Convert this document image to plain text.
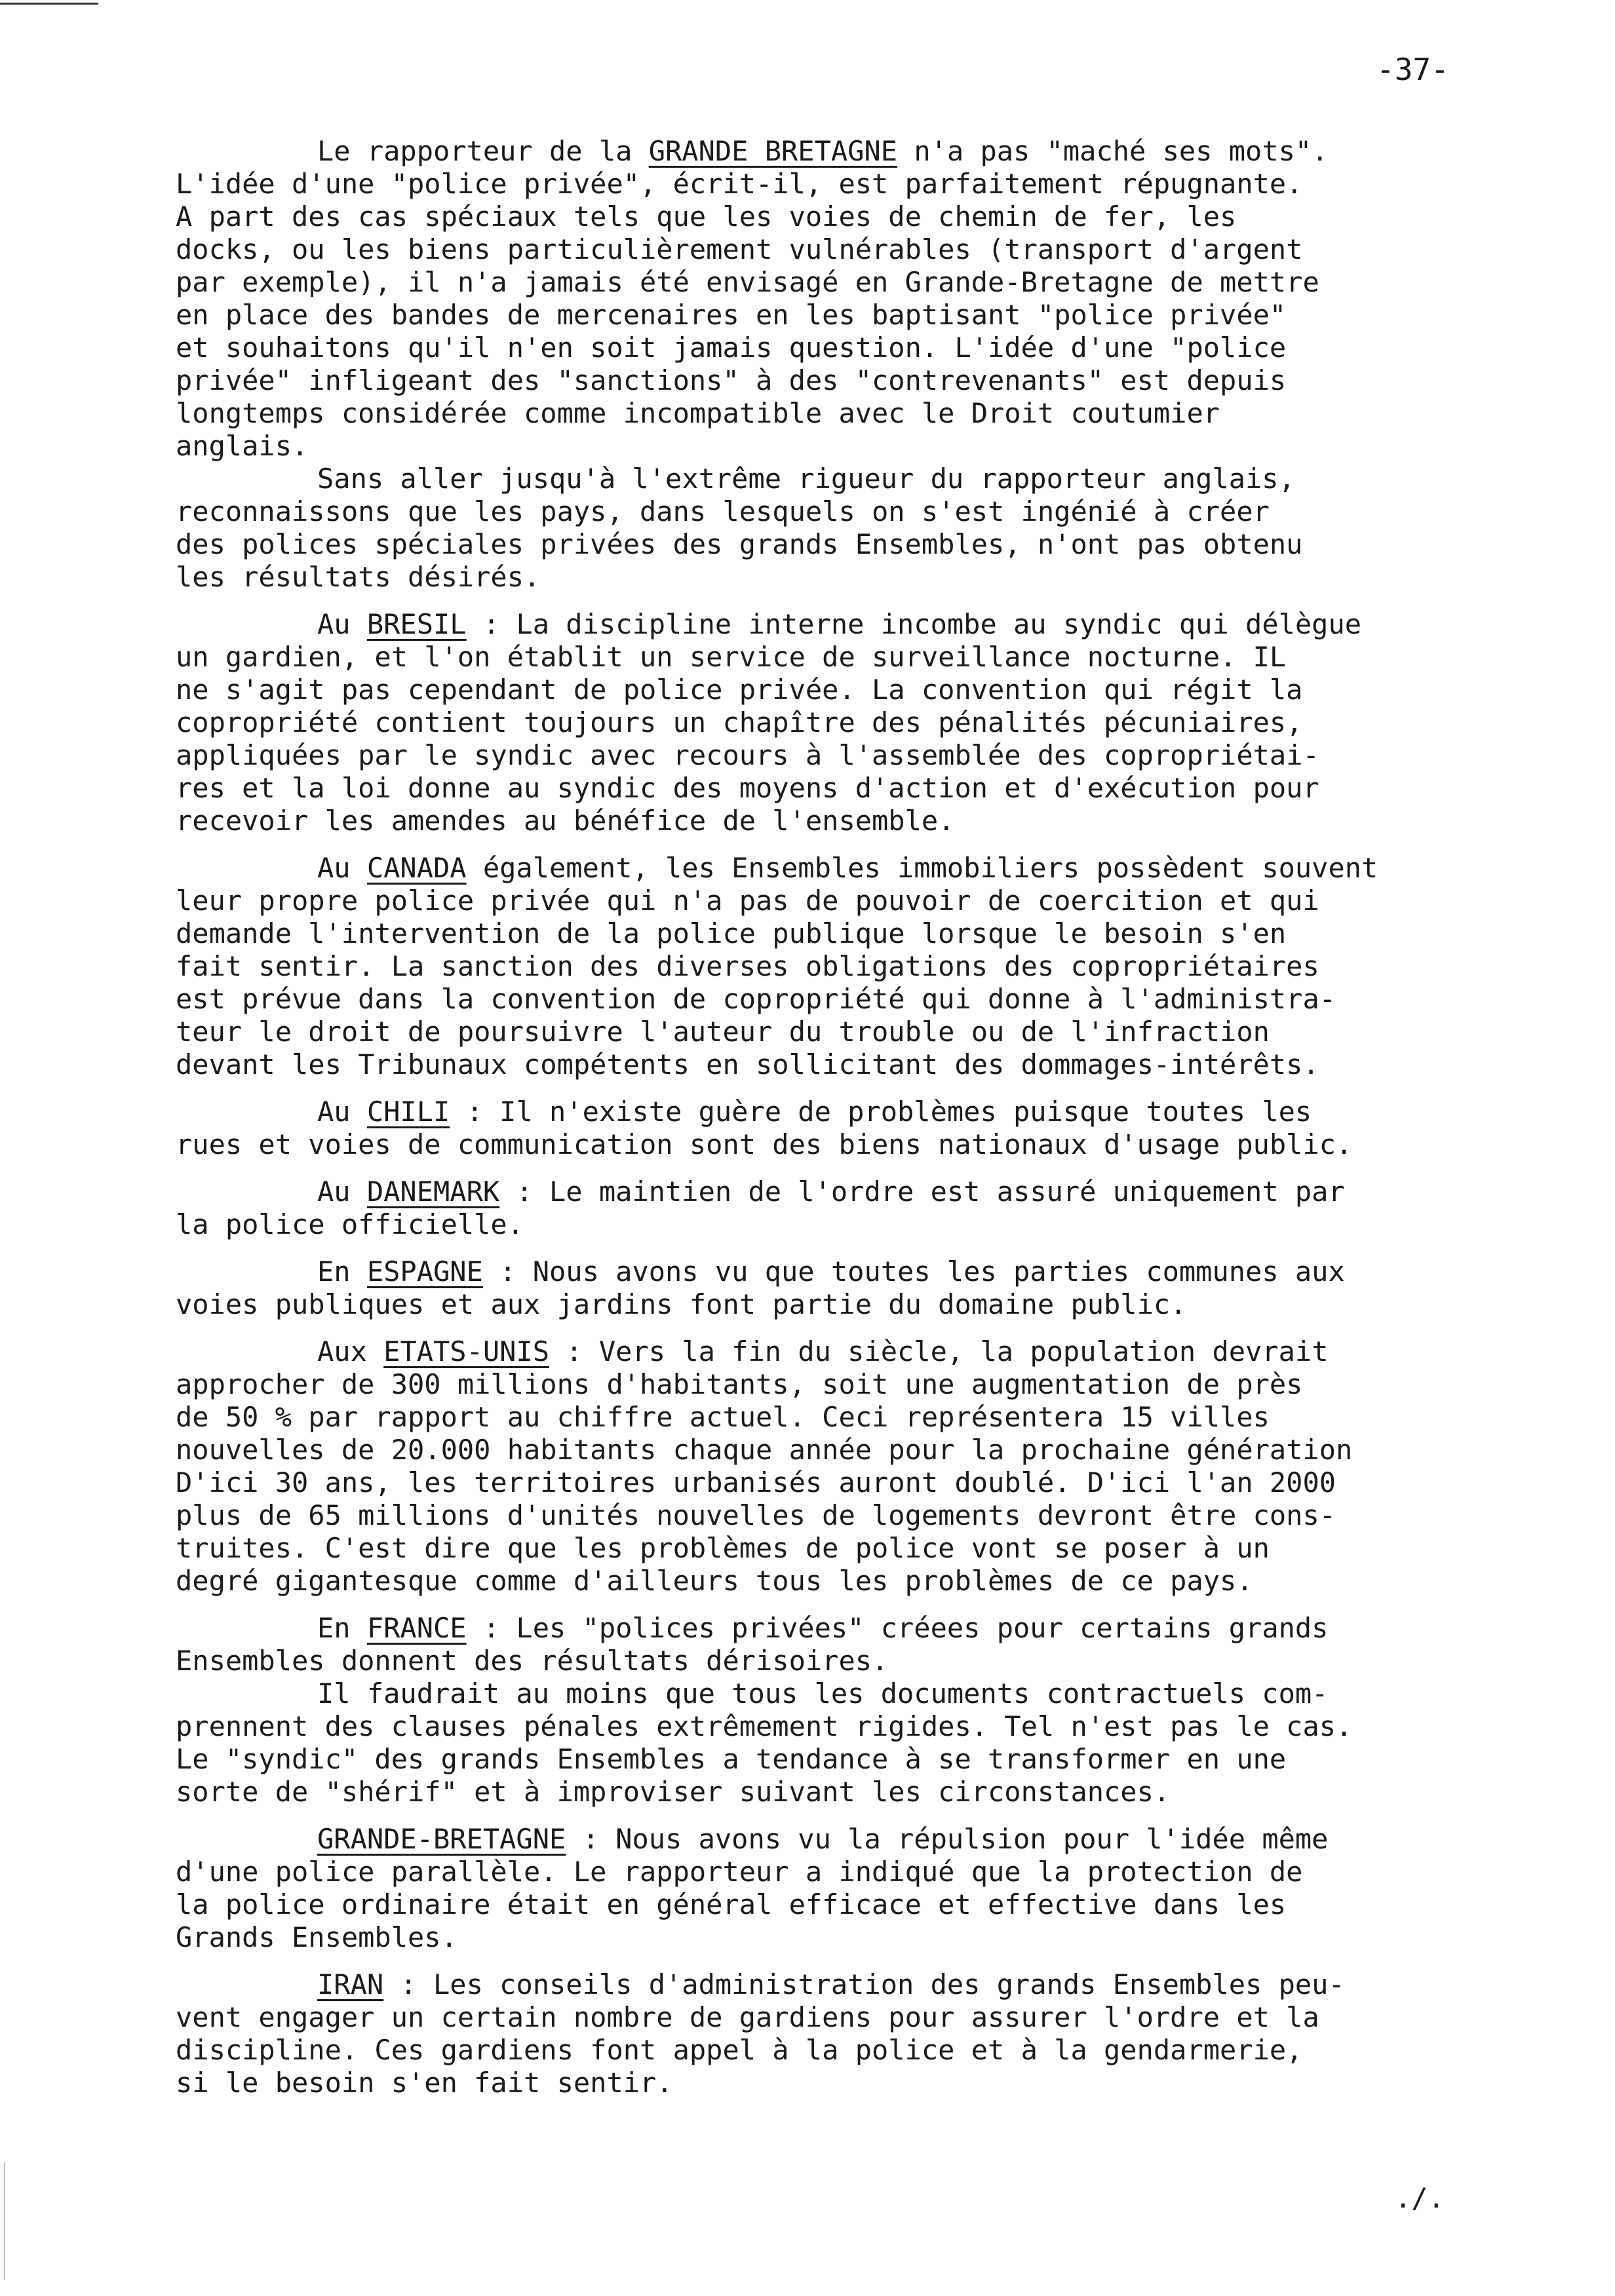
-37-
Le rapporteur de la GRANDE BRETAGNE n'a pas "maché ses mots".
L'idée d'une "police privée", écrit-il, est parfaitement répugnante.
A part des cas spéciaux tels que les voies de chemin de fer, les
docks, ou les biens particulièrement vulnérables (transport d'argent
par exemple), il n'a jamais été envisagé en Grande-Bretagne de mettre
en place des bandes de mercenaires en les baptisant "police privée"
et souhaitons qu'il n'en soit jamais question. L'idée d'une "police
privée" infligeant des "sanctions" à des "contrevenants" est depuis
longtemps considérée comme incompatible avec le Droit coutumier
anglais.
Sans aller jusqu'à l'extrême rigueur du rapporteur anglais,
reconnaissons que les pays, dans lesquels on s'est ingénié à créer
des polices spéciales privées des grands Ensembles, n'ont pas obtenu
les résultats désirés.
Au BRESIL : La discipline interne incombe au syndic qui délègue
un gardien, et l'on établit un service de surveillance nocturne. IL
ne s'agit pas cependant de police privée. La convention qui régit la
copropriété contient toujours un chapître des pénalités pécuniaires,
appliquées par le syndic avec recours à l'assemblée des copropriétai-
res et la loi donne au syndic des moyens d'action et d'exécution pour
recevoir les amendes au bénéfice de l'ensemble.
Au CANADA également, les Ensembles immobiliers possèdent souvent
leur propre police privée qui n'a pas de pouvoir de coercition et qui
demande l'intervention de la police publique lorsque le besoin s'en
fait sentir. La sanction des diverses obligations des copropriétaires
est prévue dans la convention de copropriété qui donne à l'administra-
teur le droit de poursuivre l'auteur du trouble ou de l'infraction
devant les Tribunaux compétents en sollicitant des dommages-intérêts.
Au CHILI : Il n'existe guère de problèmes puisque toutes les
rues et voies de communication sont des biens nationaux d'usage public.
Au DANEMARK : Le maintien de l'ordre est assuré uniquement par
la police officielle.
En ESPAGNE : Nous avons vu que toutes les parties communes aux
voies publiques et aux jardins font partie du domaine public.
Aux ETATS-UNIS : Vers la fin du siècle, la population devrait
approcher de 300 millions d'habitants, soit une augmentation de près
de 50 % par rapport au chiffre actuel. Ceci représentera 15 villes
nouvelles de 20.000 habitants chaque année pour la prochaine génération
D'ici 30 ans, les territoires urbanisés auront doublé. D'ici l'an 2000
plus de 65 millions d'unités nouvelles de logements devront être cons-
truites. C'est dire que les problèmes de police vont se poser à un
degré gigantesque comme d'ailleurs tous les problèmes de ce pays.
En FRANCE : Les "polices privées" créees pour certains grands
Ensembles donnent des résultats dérisoires.
Il faudrait au moins que tous les documents contractuels com-
prennent des clauses pénales extrêmement rigides. Tel n'est pas le cas.
Le "syndic" des grands Ensembles a tendance à se transformer en une
sorte de "shérif" et à improviser suivant les circonstances.
GRANDE-BRETAGNE : Nous avons vu la répulsion pour l'idée même
d'une police parallèle. Le rapporteur a indiqué que la protection de
la police ordinaire était en général efficace et effective dans les
Grands Ensembles.
IRAN : Les conseils d'administration des grands Ensembles peu-
vent engager un certain nombre de gardiens pour assurer l'ordre et la
discipline. Ces gardiens font appel à la police et à la gendarmerie,
si le besoin s'en fait sentir.
./.
